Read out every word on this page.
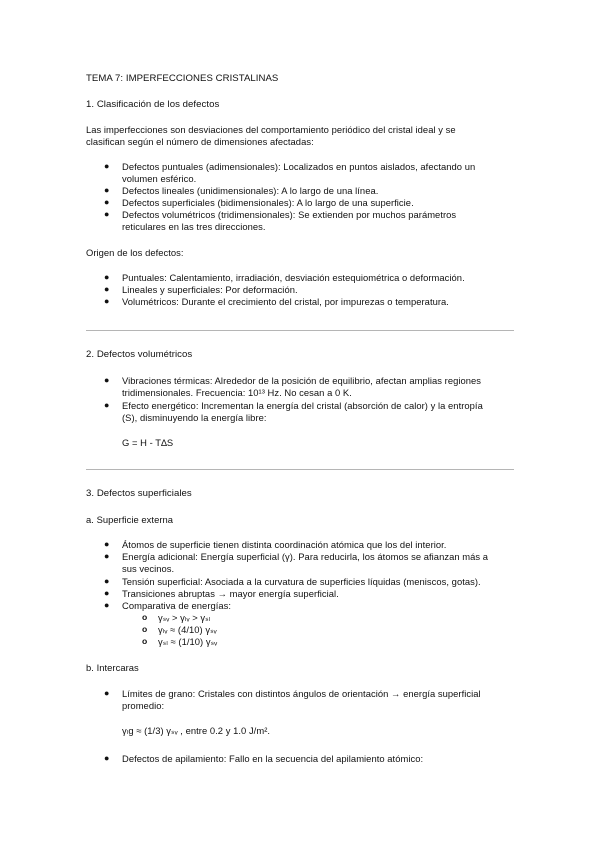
TEMA 7: IMPERFECCIONES CRISTALINAS
1. Clasificación de los defectos
Las imperfecciones son desviaciones del comportamiento periódico del cristal ideal y se
clasifican según el número de dimensiones afectadas:
● Defectos puntuales (adimensionales): Localizados en puntos aislados, afectando un
volumen esférico.
● Defectos lineales (unidimensionales): A lo largo de una línea.
● Defectos superficiales (bidimensionales): A lo largo de una superficie.
● Defectos volumétricos (tridimensionales): Se extienden por muchos parámetros
reticulares en las tres direcciones.
Origen de los defectos:
● Puntuales: Calentamiento, irradiación, desviación estequiométrica o deformación.
● Lineales y superficiales: Por deformación.
● Volumétricos: Durante el crecimiento del cristal, por impurezas o temperatura.
2. Defectos volumétricos
● Vibraciones térmicas: Alrededor de la posición de equilibrio, afectan amplias regiones
tridimensionales. Frecuencia: 10¹³ Hz. No cesan a 0 K.
● Efecto energético: Incrementan la energía del cristal (absorción de calor) y la entropía
(S), disminuyendo la energía libre:
G = H - T∆S
3. Defectos superficiales
a. Superficie externa
● Átomos de superficie tienen distinta coordinación atómica que los del interior.
● Energía adicional: Energía superficial (γ). Para reducirla, los átomos se afianzan más a
sus vecinos.
● Tensión superficial: Asociada a la curvatura de superficies líquidas (meniscos, gotas).
● Transiciones abruptas → mayor energía superficial.
● Comparativa de energías:
o γₛᵥ > γₗᵥ > γₛₗ
o γₗᵥ ≈ (4/10) γₛᵥ
o γₛₗ ≈ (1/10) γₛᵥ
b. Intercaras
● Límites de grano: Cristales con distintos ángulos de orientación → energía superficial
promedio:
γₗg ≈ (1/3) γₛᵥ , entre 0.2 y 1.0 J/m².
● Defectos de apilamiento: Fallo en la secuencia del apilamiento atómico:
